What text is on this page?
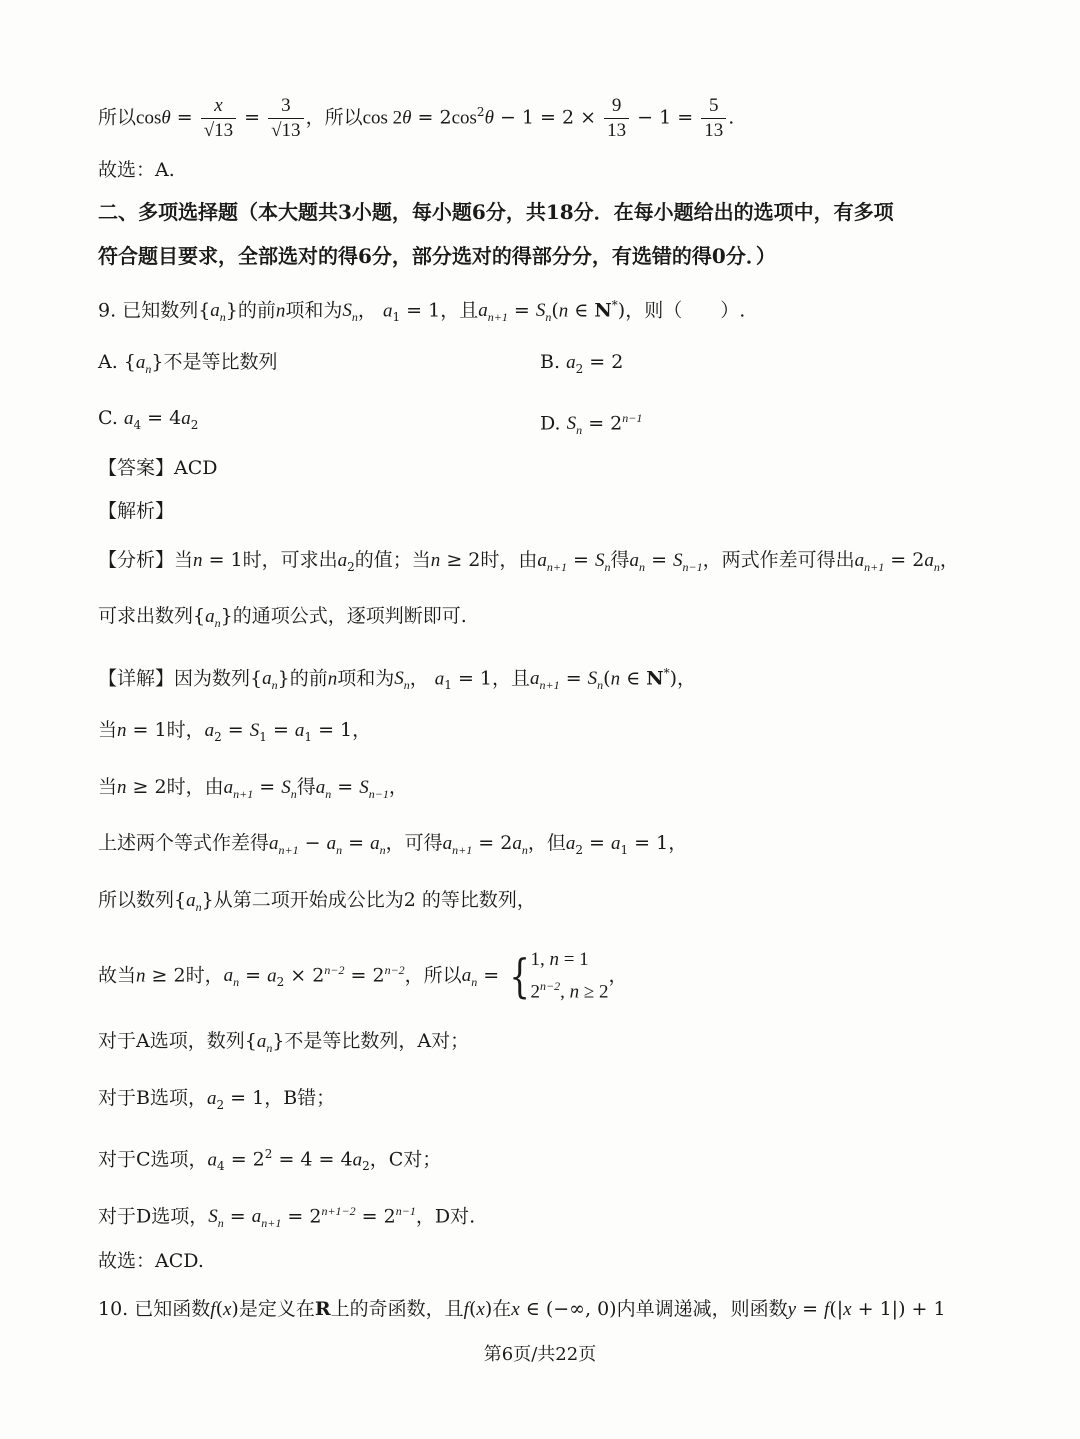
所以$\cos\theta = \frac{x}{√13} = \frac{3}{√13}$ ，所以$\cos 2\theta = 2\cos^2\theta - 1 = 2 \times \frac{9}{13} - 1 = \frac{5}{13}$ .
故选：A.
二、多项选择题（本大题共3小题，每小题6分，共18分．在每小题给出的选项中，有多项
符合题目要求，全部选对的得6分，部分选对的得部分分，有选错的得0分．）
9. 已知数列$\{a_n\}$的前n项和为$S_n$， $a_1 = 1$，且$a_{n+1} = S_n(n$ ∈ N*)，则（　　）.
A. $\{a_n\}$不是等比数列	B. $a_2 = 2$
C. $a_4 = 4a_2$	D. $S_n = 2^{n-1}$
【答案】ACD
【解析】
【分析】当n = 1时，可求出$a_2$的值；当n ≥ 2时，由$a_{n+1} = S_n$得$a_n = S_{n-1}$，两式作差可得出$a_{n+1} = 2a_n$，
可求出数列$\{a_n\}$的通项公式，逐项判断即可.
【详解】因为数列$\{a_n\}$的前n项和为$S_n$， $a_1 = 1$，且$a_{n+1} = S_n(n$ ∈ N*)，
当n = 1时，$a_2 = S_1 = a_1 = 1$，
当n ≥ 2时，由$a_{n+1} = S_n$得$a_n = S_{n-1}$，
上述两个等式作差得$a_{n+1} - a_n = a_n$，可得$a_{n+1} = 2a_n$，但$a_2 = a_1 = 1$，
所以数列$\{a_n\}$从第二项开始成公比为2 的等比数列，
故当n ≥ 2时，$a_n = a_2 \times 2^{n-2} = 2^{n-2}$，所以$a_n$ = { 1, n = 1
$2^{n-2}$, n ≥ 2
，
对于A选项，数列$\{a_n\}$不是等比数列，A对；
对于B选项，$a_2 = 1$，B错；
对于C选项，$a_4 = 2^2 = 4 = 4a_2$，C对；
对于D选项，$S_n = a_{n+1} = 2^{n+1-2} = 2^{n-1}$，D对.
故选：ACD.
10. 已知函数f(x)是定义在R上的奇函数，且f(x)在x ∈ (−∞, 0)内单调递减，则函数y = f(|x + 1|) + 1
第6页/共22页
